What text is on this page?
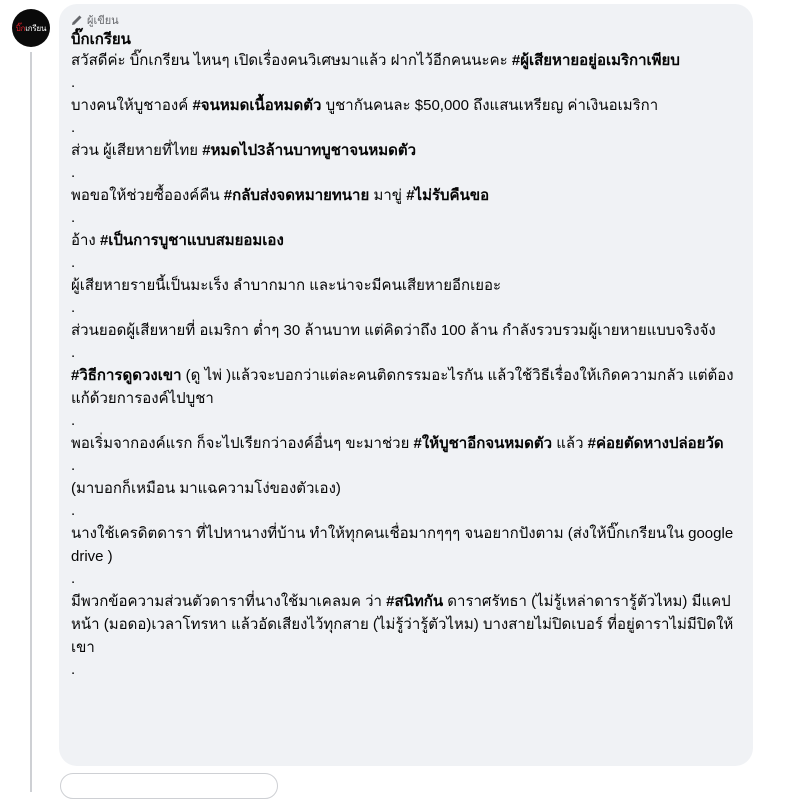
บิ๊กเกรียน
ผู้เขียน
บิ๊กเกรียน

สวัสดีค่ะ บิ๊กเกรียน ไหนๆ เปิดเรื่องคนวิเศษมาแล้ว ฝากไว้อีกคนนะคะ #ผู้เสียหายอยู่อเมริกาเพียบ

.

บางคนให้บูชาองค์ #จนหมดเนื้อหมดตัว บูชากันคนละ $50,000 ถึงแสนเหรียญ ค่าเงินอเมริกา

.

ส่วน ผู้เสียหายที่ไทย #หมดไป3ล้านบาทบูชาจนหมดตัว

.

พอขอให้ช่วยซื้อองค์คืน #กลับส่งจดหมายทนาย มาขู่ #ไม่รับคืนขอ

.

อ้าง #เป็นการบูชาแบบสมยอมเอง

.

ผู้เสียหายรายนี้เป็นมะเร็ง ลำบากมาก และน่าจะมีคนเสียหายอีกเยอะ

.

ส่วนยอดผู้เสียหายที่ อเมริกา ต่ำๆ 30 ล้านบาท แต่คิดว่าถึง 100 ล้าน กำลังรวบรวมผู้เายหายแบบจริงจัง

.

#วิธีการดูดวงเขา (ดู ไพ่ )แล้วจะบอกว่าแต่ละคนติดกรรมอะไรกัน แล้วใช้วิธีเรื่องให้เกิดความกลัว แต่ต้องแก้ด้วยการองค์ไปบูชา

.

พอเริ่มจากองค์แรก ก็จะไปเรียกว่าองค์อื่นๆ ขะมาช่วย #ให้บูชาอีกจนหมดตัว แล้ว #ค่อยตัดหางปล่อยวัด

.

(มาบอกก็เหมือน มาแฉความโง่ของตัวเอง)

.

นางใช้เครดิตดารา ที่ไปหานางที่บ้าน ทำให้ทุกคนเชื่อมากๆๆๆ จนอยากปังตาม (ส่งให้บิ๊กเกรียนใน google drive )

.

มีพวกข้อความส่วนตัวดาราที่นางใช้มาเคลมค ว่า #สนิทกัน ดาราศรัทธา (ไม่รู้เหล่าดารารู้ตัวไหม) มีแคปหน้า (มอดอ)เวลาโทรหา แล้วอัดเสียงไว้ทุกสาย (ไม่รู้ว่ารู้ตัวไหม) บางสายไม่ปิดเบอร์ ที่อยู่ดาราไม่มีปิดให้เขา

.
